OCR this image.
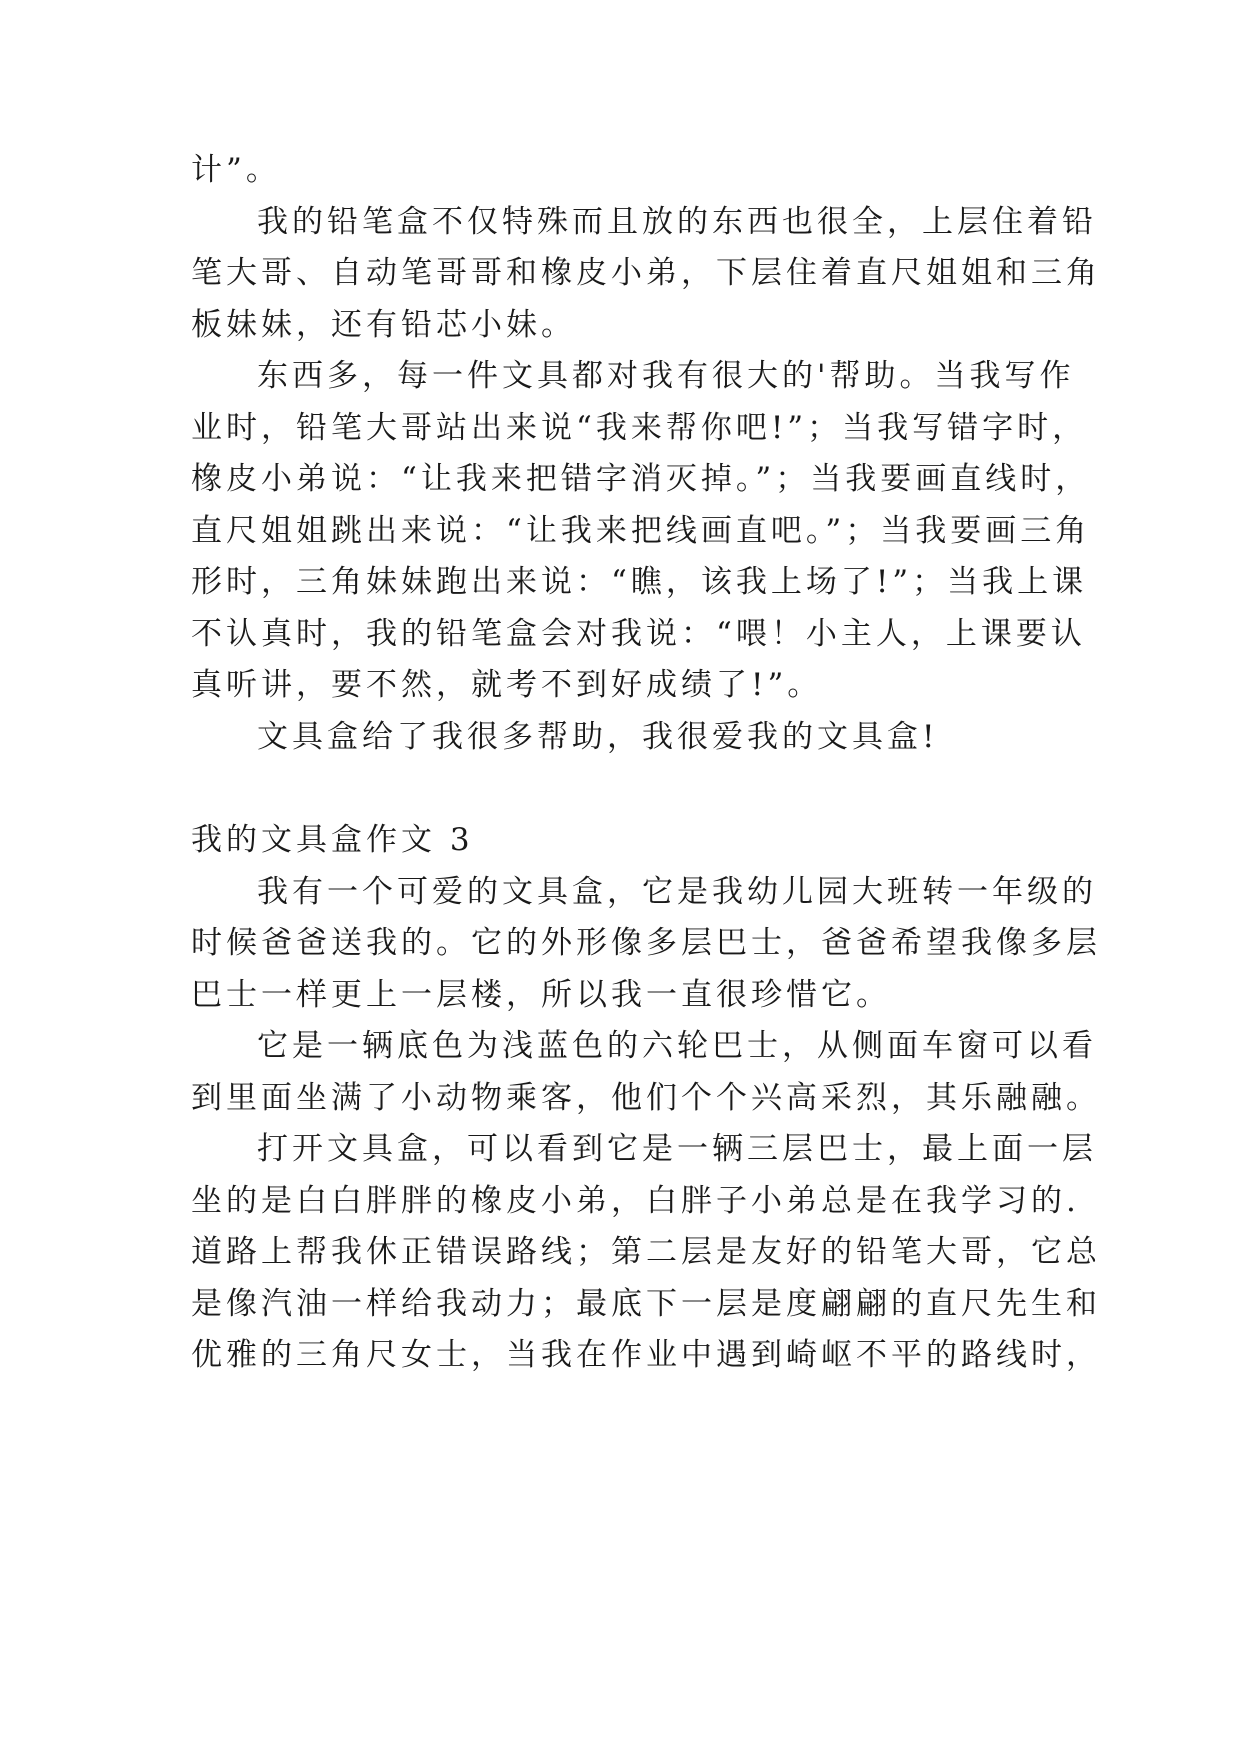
计”。
我的铅笔盒不仅特殊而且放的东西也很全，上层住着铅
笔大哥、自动笔哥哥和橡皮小弟，下层住着直尺姐姐和三角
板妹妹，还有铅芯小妹。
东西多，每一件文具都对我有很大的'帮助。当我写作
业时，铅笔大哥站出来说“我来帮你吧!”；当我写错字时，
橡皮小弟说：“让我来把错字消灭掉。”；当我要画直线时，
直尺姐姐跳出来说：“让我来把线画直吧。”；当我要画三角
形时，三角妹妹跑出来说：“瞧，该我上场了!”；当我上课
不认真时，我的铅笔盒会对我说：“喂！小主人，上课要认
真听讲，要不然，就考不到好成绩了!”。
文具盒给了我很多帮助，我很爱我的文具盒!
我的文具盒作文 3
我有一个可爱的文具盒，它是我幼儿园大班转一年级的
时候爸爸送我的。它的外形像多层巴士，爸爸希望我像多层
巴士一样更上一层楼，所以我一直很珍惜它。
它是一辆底色为浅蓝色的六轮巴士，从侧面车窗可以看
到里面坐满了小动物乘客，他们个个兴高采烈，其乐融融。
打开文具盒，可以看到它是一辆三层巴士，最上面一层
坐的是白白胖胖的橡皮小弟，白胖子小弟总是在我学习的.
道路上帮我休正错误路线；第二层是友好的铅笔大哥，它总
是像汽油一样给我动力；最底下一层是度翩翩的直尺先生和
优雅的三角尺女士，当我在作业中遇到崎岖不平的路线时，
